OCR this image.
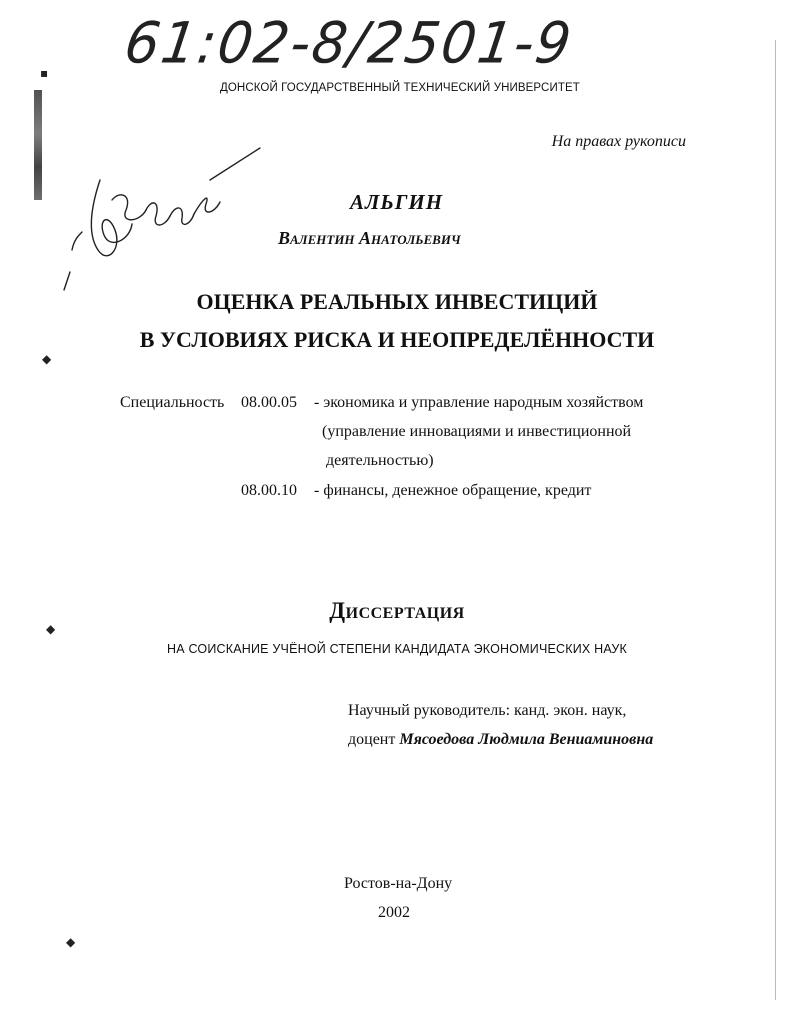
▪
◆
◆
◆
61:02-8/2501-9
ДОНСКОЙ ГОСУДАРСТВЕННЫЙ ТЕХНИЧЕСКИЙ УНИВЕРСИТЕТ
На правах рукописи
АЛЬГИН
Валентин Анатольевич
ОЦЕНКА РЕАЛЬНЫХ ИНВЕСТИЦИЙ
В УСЛОВИЯХ РИСКА И НЕОПРЕДЕЛЁННОСТИ
Специальность 08.00.05 - экономика и управление народным хозяйством
(управление инновациями и инвестиционной
деятельностью)
08.00.10 - финансы, денежное обращение, кредит
Диссертация
НА СОИСКАНИЕ УЧЁНОЙ СТЕПЕНИ КАНДИДАТА ЭКОНОМИЧЕСКИХ НАУК
Научный руководитель: канд. экон. наук,
доцент Мясоедова Людмила Вениаминовна
Ростов-на-Дону
2002
